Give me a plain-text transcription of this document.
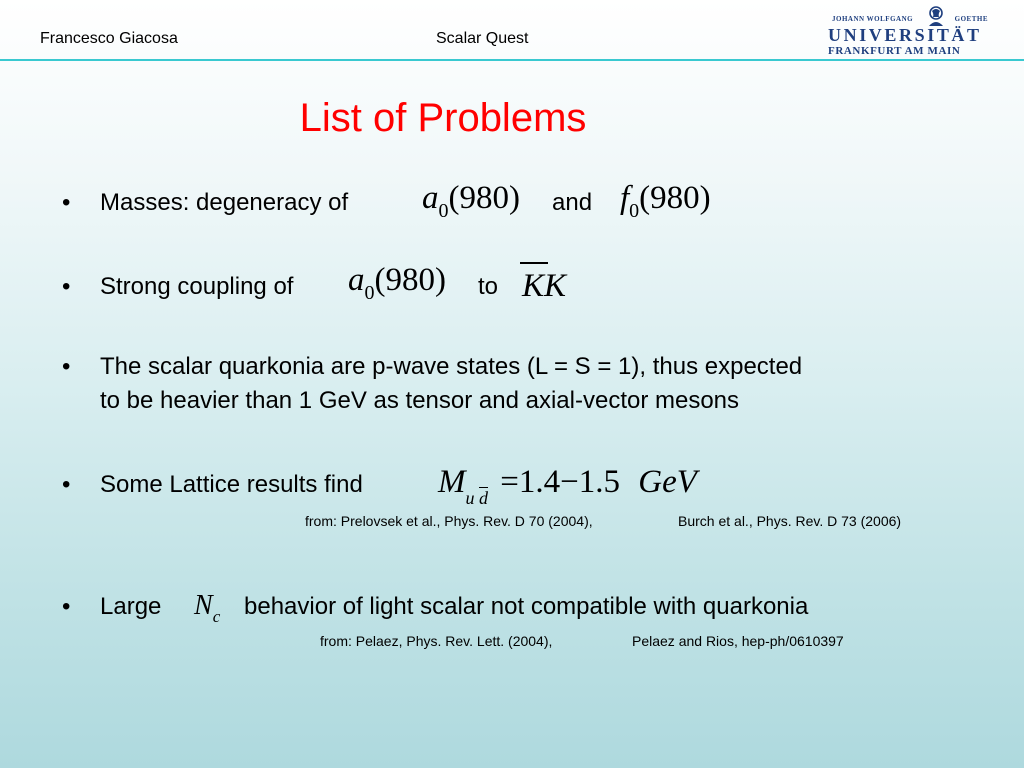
Francesco Giacosa	Scalar Quest
JOHANN WOLFGANG	GOETHE
UNIVERSITÄT
FRANKFURT AM MAIN
List of Problems
• Masses: degeneracy of $a_0(980)$ and $f_0(980)$
• Strong coupling of $a_0(980)$ to KK
• The scalar quarkonia are p-wave states (L = S = 1), thus expected
to be heavier than 1 GeV as tensor and axial-vector mesons
• Some Lattice results find $M_{u \overline{d}} =1.4-1.5$ GeV
from: Prelovsek et al., Phys. Rev. D 70 (2004),	Burch et al., Phys. Rev. D 73 (2006)
• Large $N_c$ behavior of light scalar not compatible with quarkonia
from: Pelaez, Phys. Rev. Lett. (2004),	Pelaez and Rios, hep-ph/0610397
